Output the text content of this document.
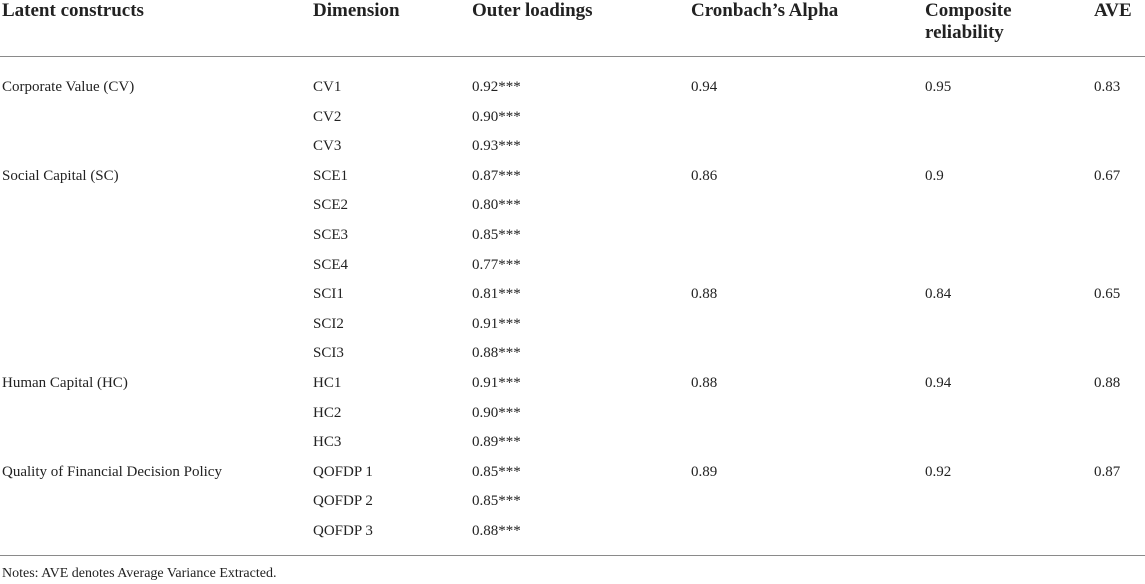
Latent constructs	Dimension	Outer loadings	Cronbach’s Alpha	Composite reliability	AVE

Corporate Value (CV)	CV1	0.92***	0.94	0.95	0.83
	CV2	0.90***			
	CV3	0.93***			
Social Capital (SC)	SCE1	0.87***	0.86	0.9	0.67
	SCE2	0.80***			
	SCE3	0.85***			
	SCE4	0.77***			
	SCI1	0.81***	0.88	0.84	0.65
	SCI2	0.91***			
	SCI3	0.88***			
Human Capital (HC)	HC1	0.91***	0.88	0.94	0.88
	HC2	0.90***			
	HC3	0.89***			
Quality of Financial Decision Policy	QOFDP 1	0.85***	0.89	0.92	0.87
	QOFDP 2	0.85***			
	QOFDP 3	0.88***			
Notes: AVE denotes Average Variance Extracted.
